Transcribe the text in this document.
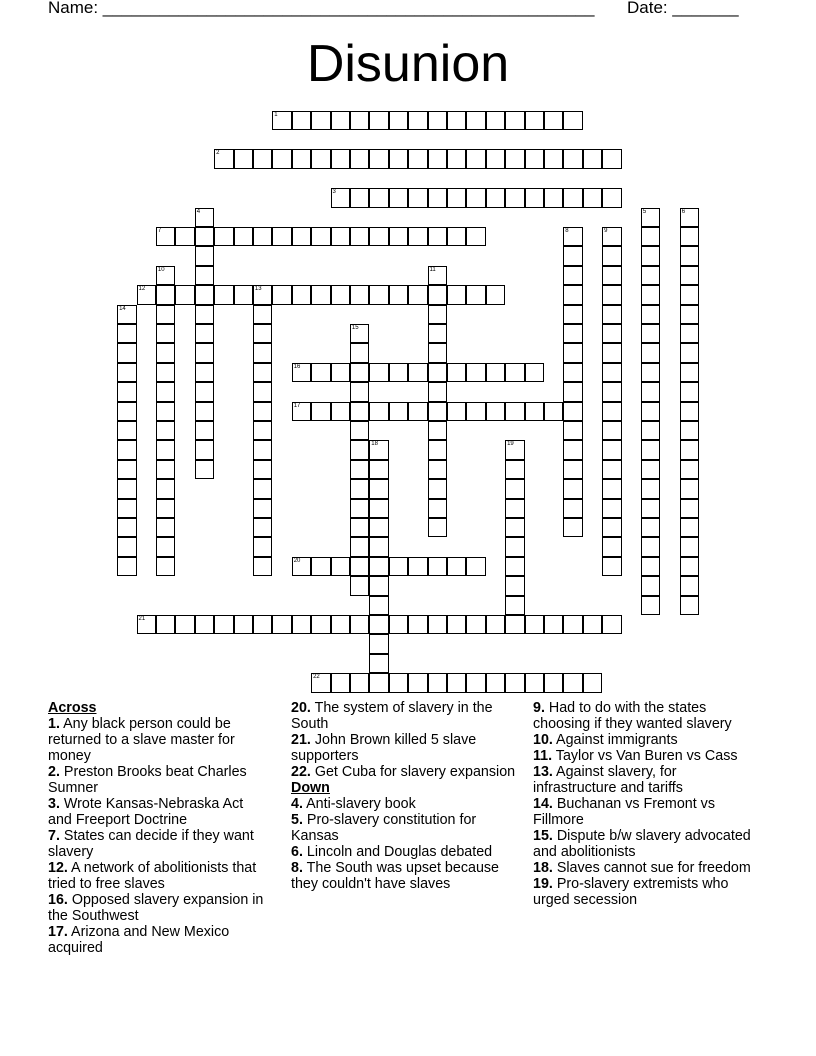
Name: ____________________________________________________ Date: _______
Disunion
1
2
3
7
12	13
16
17
20
21
22
4	5	6
8	9
10	11
14
15
18	19
Across
1. Any black person could be returned to a slave master for money
2. Preston Brooks beat Charles Sumner
3. Wrote Kansas-Nebraska Act and Freeport Doctrine
7. States can decide if they want slavery
12. A network of abolitionists that tried to free slaves
16. Opposed slavery expansion in the Southwest
17. Arizona and New Mexico acquired
20. The system of slavery in the South
21. John Brown killed 5 slave supporters
22. Get Cuba for slavery expansion
Down
4. Anti-slavery book
5. Pro-slavery constitution for Kansas
6. Lincoln and Douglas debated
8. The South was upset because they couldn't have slaves
9. Had to do with the states choosing if they wanted slavery
10. Against immigrants
11. Taylor vs Van Buren vs Cass
13. Against slavery, for infrastructure and tariffs
14. Buchanan vs Fremont vs Fillmore
15. Dispute b/w slavery advocated and abolitionists
18. Slaves cannot sue for freedom
19. Pro-slavery extremists who urged secession
